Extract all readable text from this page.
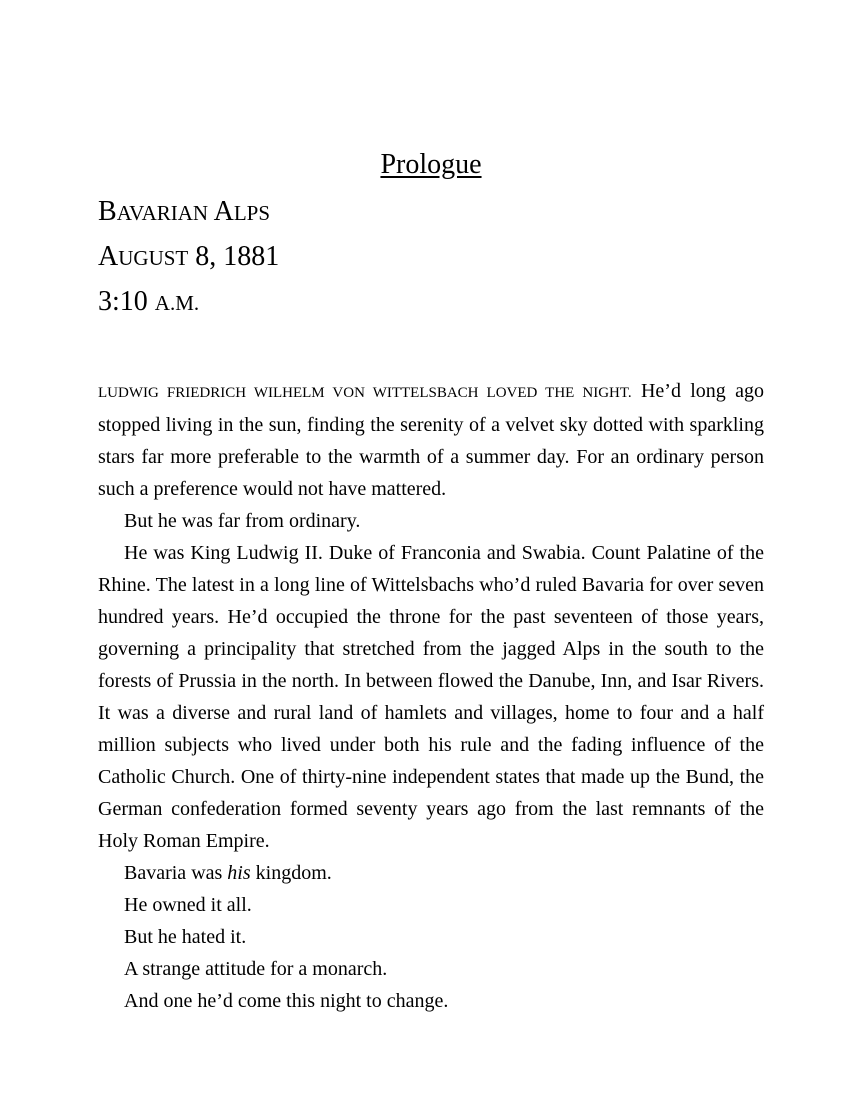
Prologue

BAVARIAN ALPS

AUGUST 8, 1881

3:10 A.M.

LUDWIG FRIEDRICH WILHELM VON WITTELSBACH LOVED THE NIGHT. He’d long ago stopped living in the sun, finding the serenity of a velvet sky dotted with sparkling stars far more preferable to the warmth of a summer day. For an ordinary person such a preference would not have mattered.

But he was far from ordinary.

He was King Ludwig II. Duke of Franconia and Swabia. Count Palatine of the Rhine. The latest in a long line of Wittelsbachs who’d ruled Bavaria for over seven hundred years. He’d occupied the throne for the past seventeen of those years, governing a principality that stretched from the jagged Alps in the south to the forests of Prussia in the north. In between flowed the Danube, Inn, and Isar Rivers. It was a diverse and rural land of hamlets and villages, home to four and a half million subjects who lived under both his rule and the fading influence of the Catholic Church. One of thirty-nine independent states that made up the Bund, the German confederation formed seventy years ago from the last remnants of the Holy Roman Empire.

Bavaria was his kingdom.

He owned it all.

But he hated it.

A strange attitude for a monarch.

And one he’d come this night to change.
